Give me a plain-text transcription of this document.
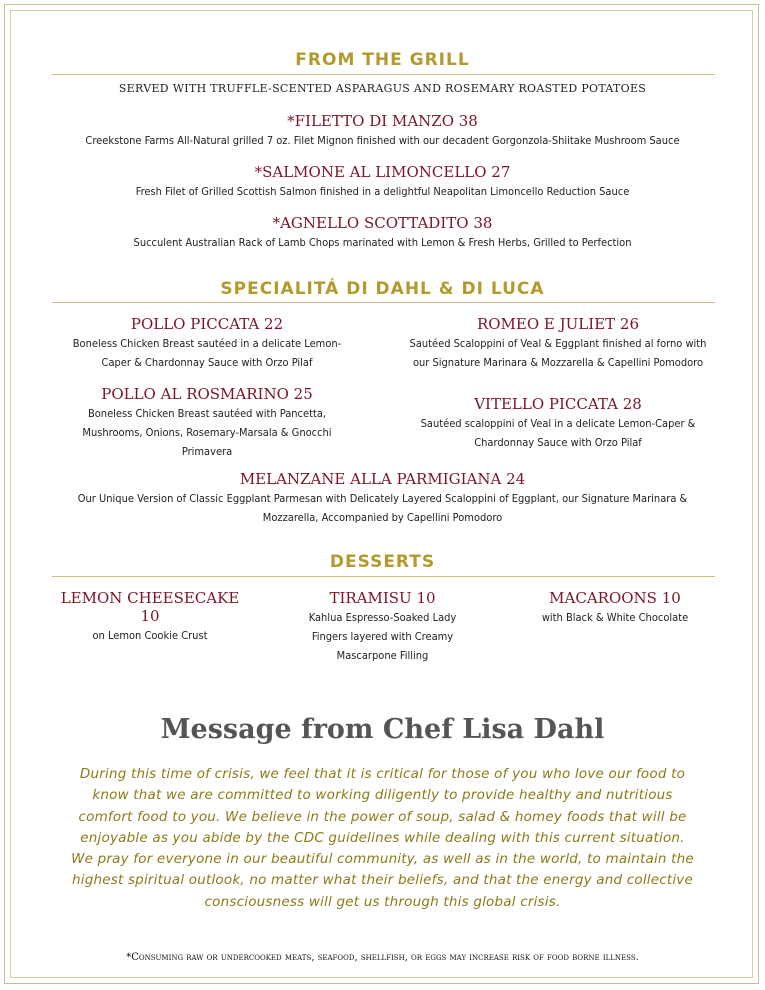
FROM THE GRILL
SERVED WITH TRUFFLE-SCENTED ASPARAGUS AND ROSEMARY ROASTED POTATOES
*FILETTO DI MANZO 38
Creekstone Farms All-Natural grilled 7 oz. Filet Mignon finished with our decadent Gorgonzola-Shiitake Mushroom Sauce
*SALMONE AL LIMONCELLO 27
Fresh Filet of Grilled Scottish Salmon finished in a delightful Neapolitan Limoncello Reduction Sauce
*AGNELLO SCOTTADITO 38
Succulent Australian Rack of Lamb Chops marinated with Lemon & Fresh Herbs, Grilled to Perfection
SPECIALITÁ DI DAHL & DI LUCA
POLLO PICCATA 22
Boneless Chicken Breast sautéed in a delicate Lemon-Caper & Chardonnay Sauce with Orzo Pilaf
POLLO AL ROSMARINO 25
Boneless Chicken Breast sautéed with Pancetta, Mushrooms, Onions, Rosemary-Marsala & Gnocchi Primavera
ROMEO E JULIET 26
Sautéed Scaloppini of Veal & Eggplant finished al forno with our Signature Marinara & Mozzarella & Capellini Pomodoro
VITELLO PICCATA 28
Sautéed scaloppini of Veal in a delicate Lemon-Caper & Chardonnay Sauce with Orzo Pilaf
MELANZANE ALLA PARMIGIANA 24
Our Unique Version of Classic Eggplant Parmesan with Delicately Layered Scaloppini of Eggplant, our Signature Marinara & Mozzarella, Accompanied by Capellini Pomodoro
DESSERTS
LEMON CHEESECAKE
10
on Lemon Cookie Crust
TIRAMISU 10
Kahlua Espresso-Soaked Lady Fingers layered with Creamy Mascarpone Filling
MACAROONS 10
with Black & White Chocolate
Message from Chef Lisa Dahl
During this time of crisis, we feel that it is critical for those of you who love our food to know that we are committed to working diligently to provide healthy and nutritious comfort food to you. We believe in the power of soup, salad & homey foods that will be enjoyable as you abide by the CDC guidelines while dealing with this current situation. We pray for everyone in our beautiful community, as well as in the world, to maintain the highest spiritual outlook, no matter what their beliefs, and that the energy and collective consciousness will get us through this global crisis.
*Consuming raw or undercooked meats, seafood, shellfish, or eggs may increase risk of food borne illness.
